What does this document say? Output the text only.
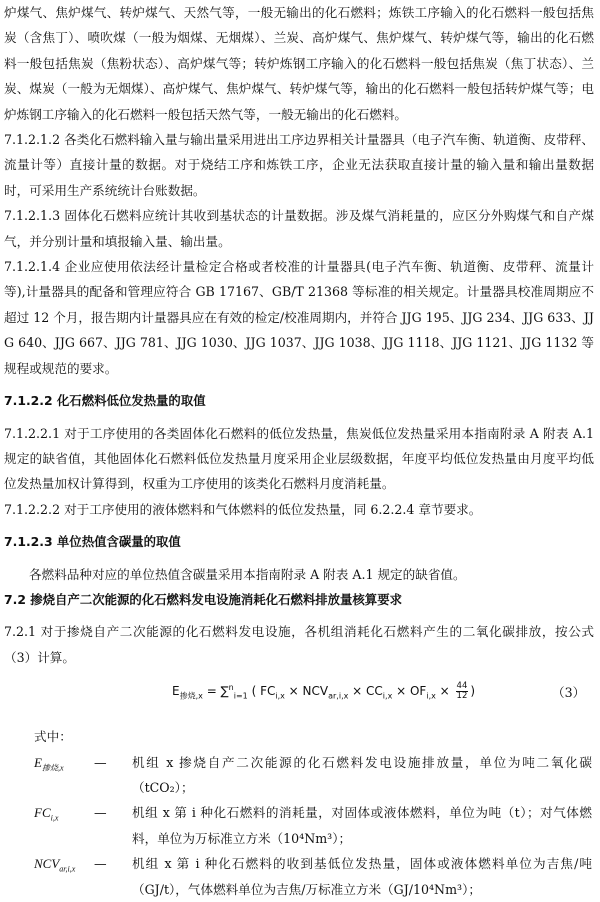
炉煤气、焦炉煤气、转炉煤气、天然气等，一般无输出的化石燃料；炼铁工序输入的化石燃料一般包括焦炭（含焦丁）、喷吹煤（一般为烟煤、无烟煤）、兰炭、高炉煤气、焦炉煤气、转炉煤气等，输出的化石燃料一般包括焦炭（焦粉状态）、高炉煤气等；转炉炼钢工序输入的化石燃料一般包括焦炭（焦丁状态）、兰炭、煤炭（一般为无烟煤）、高炉煤气、焦炉煤气、转炉煤气等，输出的化石燃料一般包括转炉煤气等；电炉炼钢工序输入的化石燃料一般包括天然气等，一般无输出的化石燃料。

7.1.2.1.2 各类化石燃料输入量与输出量采用进出工序边界相关计量器具（电子汽车衡、轨道衡、皮带秤、流量计等）直接计量的数据。对于烧结工序和炼铁工序，企业无法获取直接计量的输入量和输出量数据时，可采用生产系统统计台账数据。

7.1.2.1.3 固体化石燃料应统计其收到基状态的计量数据。涉及煤气消耗量的，应区分外购煤气和自产煤气，并分别计量和填报输入量、输出量。

7.1.2.1.4 企业应使用依法经计量检定合格或者校准的计量器具(电子汽车衡、轨道衡、皮带秤、流量计等),计量器具的配备和管理应符合 GB 17167、GB/T 21368 等标准的相关规定。计量器具校准周期应不超过 12 个月，报告期内计量器具应在有效的检定/校准周期内，并符合 JJG 195、JJG 234、JJG 633、JJG 640、JJG 667、JJG 781、JJG 1030、JJG 1037、JJG 1038、JJG 1118、JJG 1121、JJG 1132 等规程或规范的要求。

7.1.2.2 化石燃料低位发热量的取值

7.1.2.2.1 对于工序使用的各类固体化石燃料的低位发热量，焦炭低位发热量采用本指南附录 A 附表 A.1 规定的缺省值，其他固体化石燃料低位发热量月度采用企业层级数据，年度平均低位发热量由月度平均低位发热量加权计算得到，权重为工序使用的该类化石燃料月度消耗量。

7.1.2.2.2 对于工序使用的液体燃料和气体燃料的低位发热量，同 6.2.2.4 章节要求。

7.1.2.3 单位热值含碳量的取值

各燃料品种对应的单位热值含碳量采用本指南附录 A 附表 A.1 规定的缺省值。

7.2 掺烧自产二次能源的化石燃料发电设施消耗化石燃料排放量核算要求

7.2.1 对于掺烧自产二次能源的化石燃料发电设施，各机组消耗化石燃料产生的二氧化碳排放，按公式（3）计算。

$E_{掺烧,x} = \sum^n_{i=1}$ ( $FC_{i,x} \times NCV_{ar,i,x} \times CC_{i,x} \times OF_{i,x} \times \frac{44}{12}$ )	（3）

式中：

$E_{掺烧,x}$	—	机组 x 掺烧自产二次能源的化石燃料发电设施排放量，单位为吨二氧化碳（tCO₂）；
$FC_{i,x}$	—	机组 x 第 i 种化石燃料的消耗量，对固体或液体燃料，单位为吨（t）；对气体燃料，单位为万标准立方米（10⁴Nm³）；
$NCV_{ar,i,x}$	—	机组 x 第 i 种化石燃料的收到基低位发热量，固体或液体燃料单位为吉焦/吨（GJ/t），气体燃料单位为吉焦/万标准立方米（GJ/10⁴Nm³）；
